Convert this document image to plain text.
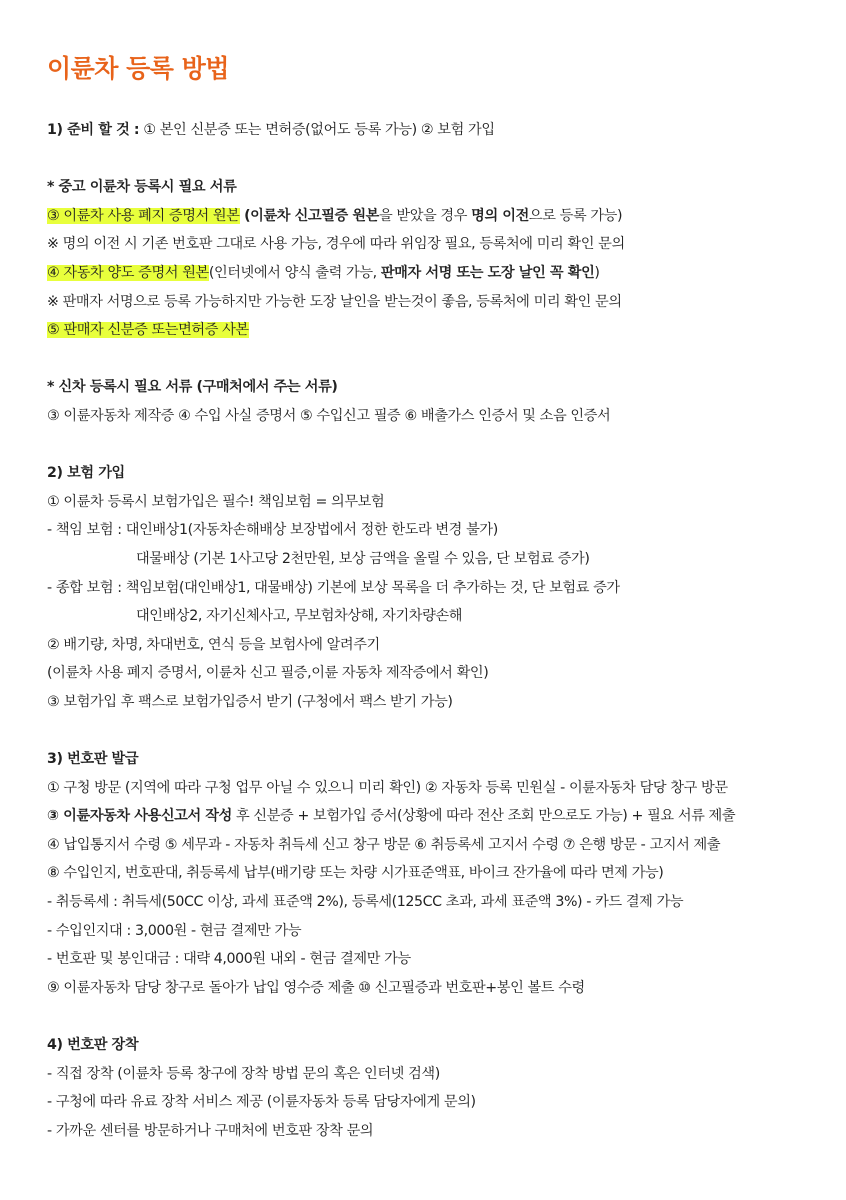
이륜차 등록 방법
1) 준비 할 것 : ① 본인 신분증 또는 면허증(없어도 등록 가능) ② 보험 가입
* 중고 이륜차 등록시 필요 서류
③ 이륜차 사용 폐지 증명서 원본 (이륜차 신고필증 원본을 받았을 경우 명의 이전으로 등록 가능)
※ 명의 이전 시 기존 번호판 그대로 사용 가능, 경우에 따라 위임장 필요, 등록처에 미리 확인 문의
④ 자동차 양도 증명서 원본(인터넷에서 양식 출력 가능, 판매자 서명 또는 도장 날인 꼭 확인)
※ 판매자 서명으로 등록 가능하지만 가능한 도장 날인을 받는것이 좋음, 등록처에 미리 확인 문의
⑤ 판매자 신분증 또는면허증 사본
* 신차 등록시 필요 서류 (구매처에서 주는 서류)
③ 이륜자동차 제작증 ④ 수입 사실 증명서 ⑤ 수입신고 필증 ⑥ 배출가스 인증서 및 소음 인증서
2) 보험 가입
① 이륜차 등록시 보험가입은 필수! 책임보험 = 의무보험
- 책임 보험 : 대인배상1(자동차손해배상 보장법에서 정한 한도라 변경 불가)
대물배상 (기본 1사고당 2천만원, 보상 금액을 올릴 수 있음, 단 보험료 증가)
- 종합 보험 : 책임보험(대인배상1, 대물배상) 기본에 보상 목록을 더 추가하는 것, 단 보험료 증가
대인배상2, 자기신체사고, 무보험차상해, 자기차량손해
② 배기량, 차명, 차대번호, 연식 등을 보험사에 알려주기
(이륜차 사용 폐지 증명서, 이륜차 신고 필증,이륜 자동차 제작증에서 확인)
③ 보험가입 후 팩스로 보험가입증서 받기 (구청에서 팩스 받기 가능)
3) 번호판 발급
① 구청 방문 (지역에 따라 구청 업무 아닐 수 있으니 미리 확인) ② 자동차 등록 민원실 - 이륜자동차 담당 창구 방문
③ 이륜자동차 사용신고서 작성 후 신분증 + 보험가입 증서(상황에 따라 전산 조회 만으로도 가능) + 필요 서류 제출
④ 납입통지서 수령 ⑤ 세무과 - 자동차 취득세 신고 창구 방문 ⑥ 취등록세 고지서 수령 ⑦ 은행 방문 - 고지서 제출
⑧ 수입인지, 번호판대, 취등록세 납부(배기량 또는 차량 시가표준액표, 바이크 잔가율에 따라 면제 가능)
- 취등록세 : 취득세(50CC 이상, 과세 표준액 2%), 등록세(125CC 초과, 과세 표준액 3%) - 카드 결제 가능
- 수입인지대 : 3,000원 - 현금 결제만 가능
- 번호판 및 봉인대금 : 대략 4,000원 내외 - 현금 결제만 가능
⑨ 이륜자동차 담당 창구로 돌아가 납입 영수증 제출 ⑩ 신고필증과 번호판+봉인 볼트 수령
4) 번호판 장착
- 직접 장착 (이륜차 등록 창구에 장착 방법 문의 혹은 인터넷 검색)
- 구청에 따라 유료 장착 서비스 제공 (이륜자동차 등록 담당자에게 문의)
- 가까운 센터를 방문하거나 구매처에 번호판 장착 문의
